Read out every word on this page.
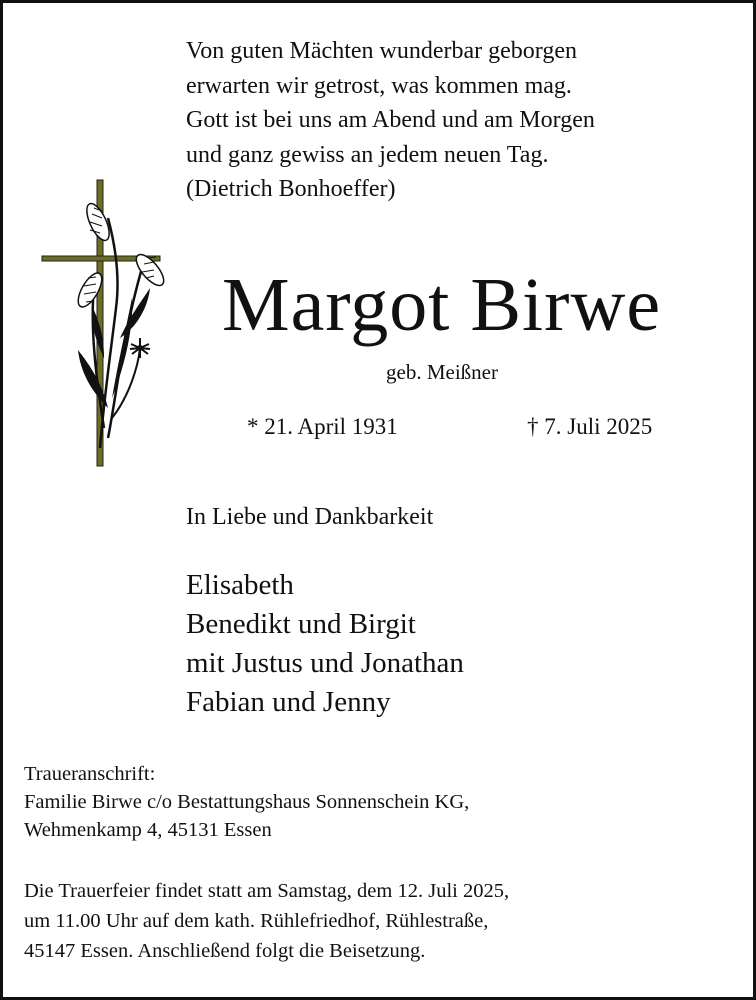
Von guten Mächten wunderbar geborgen
erwarten wir getrost, was kommen mag.
Gott ist bei uns am Abend und am Morgen
und ganz gewiss an jedem neuen Tag.
(Dietrich Bonhoeffer)
Margot Birwe
geb. Meißner
* 21. April 1931	† 7. Juli 2025
In Liebe und Dankbarkeit
Elisabeth
Benedikt und Birgit
mit Justus und Jonathan
Fabian und Jenny
Traueranschrift:
Familie Birwe c/o Bestattungshaus Sonnenschein KG,
Wehmenkamp 4, 45131 Essen
Die Trauerfeier findet statt am Samstag, dem 12. Juli 2025,
um 11.00 Uhr auf dem kath. Rühlefriedhof, Rühlestraße,
45147 Essen. Anschließend folgt die Beisetzung.
